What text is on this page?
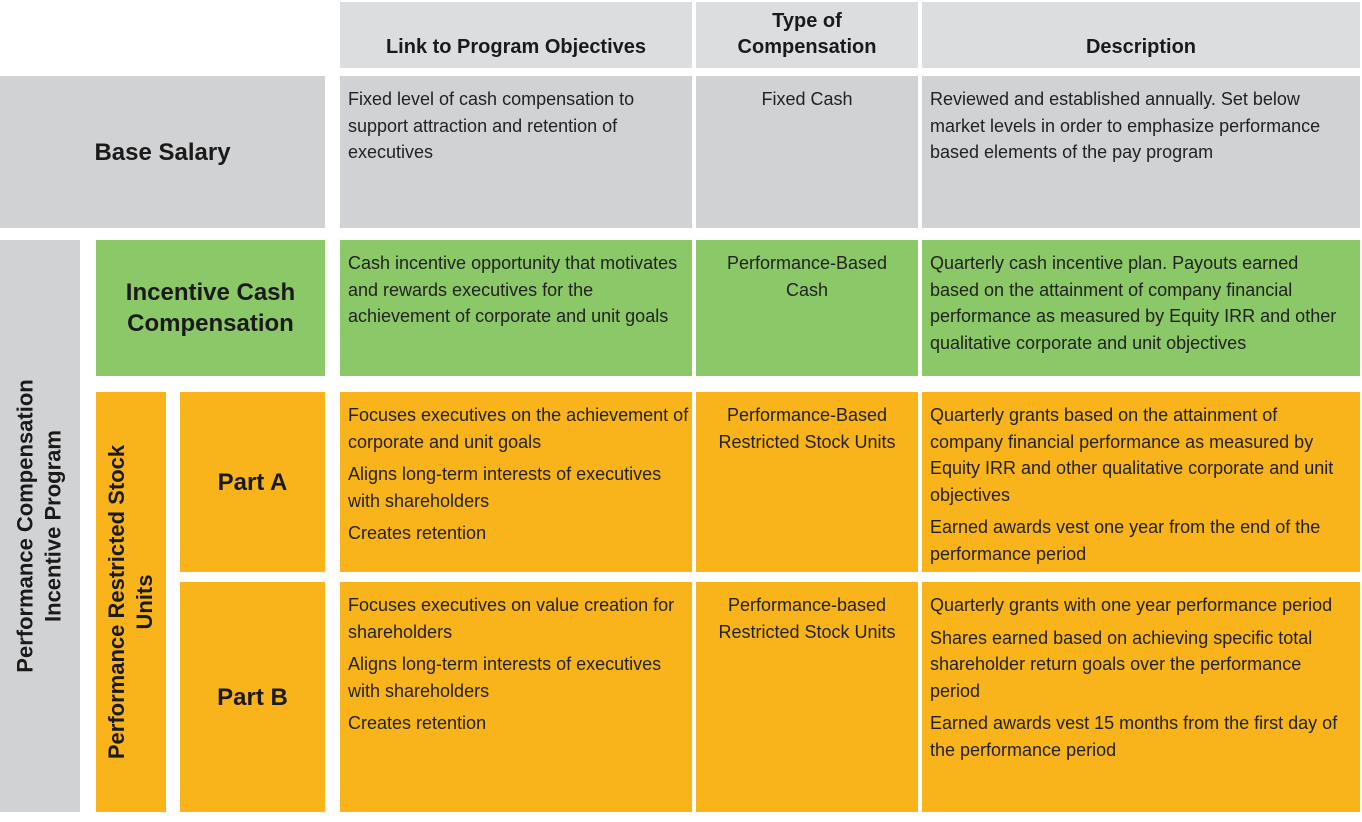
Link to Program Objectives
Type of
Compensation	Description
Base Salary

Fixed level of cash compensation to support attraction and retention of executives

Fixed Cash	Reviewed and established annually. Set below market levels in order to emphasize performance based elements of the pay program

Performance Compensation Incentive Program
Incentive Cash
Compensation

Cash incentive opportunity that motivates and rewards executives for the achievement of corporate and unit goals

Performance-Based
Cash

Quarterly cash incentive plan. Payouts earned based on the attainment of company financial performance as measured by Equity IRR and other qualitative corporate and unit objectives

Performance Restricted Stock Units
Part A

Focuses executives on the achievement of corporate and unit goals

Aligns long-term interests of executives with shareholders

Creates retention

Performance-Based
Restricted Stock Units

Quarterly grants based on the attainment of company financial performance as measured by Equity IRR and other qualitative corporate and unit objectives

Earned awards vest one year from the end of the performance period

Part B

Focuses executives on value creation for shareholders

Aligns long-term interests of executives with shareholders

Creates retention

Performance-based
Restricted Stock Units

Quarterly grants with one year performance period

Shares earned based on achieving specific total shareholder return goals over the performance period

Earned awards vest 15 months from the first day of the performance period
